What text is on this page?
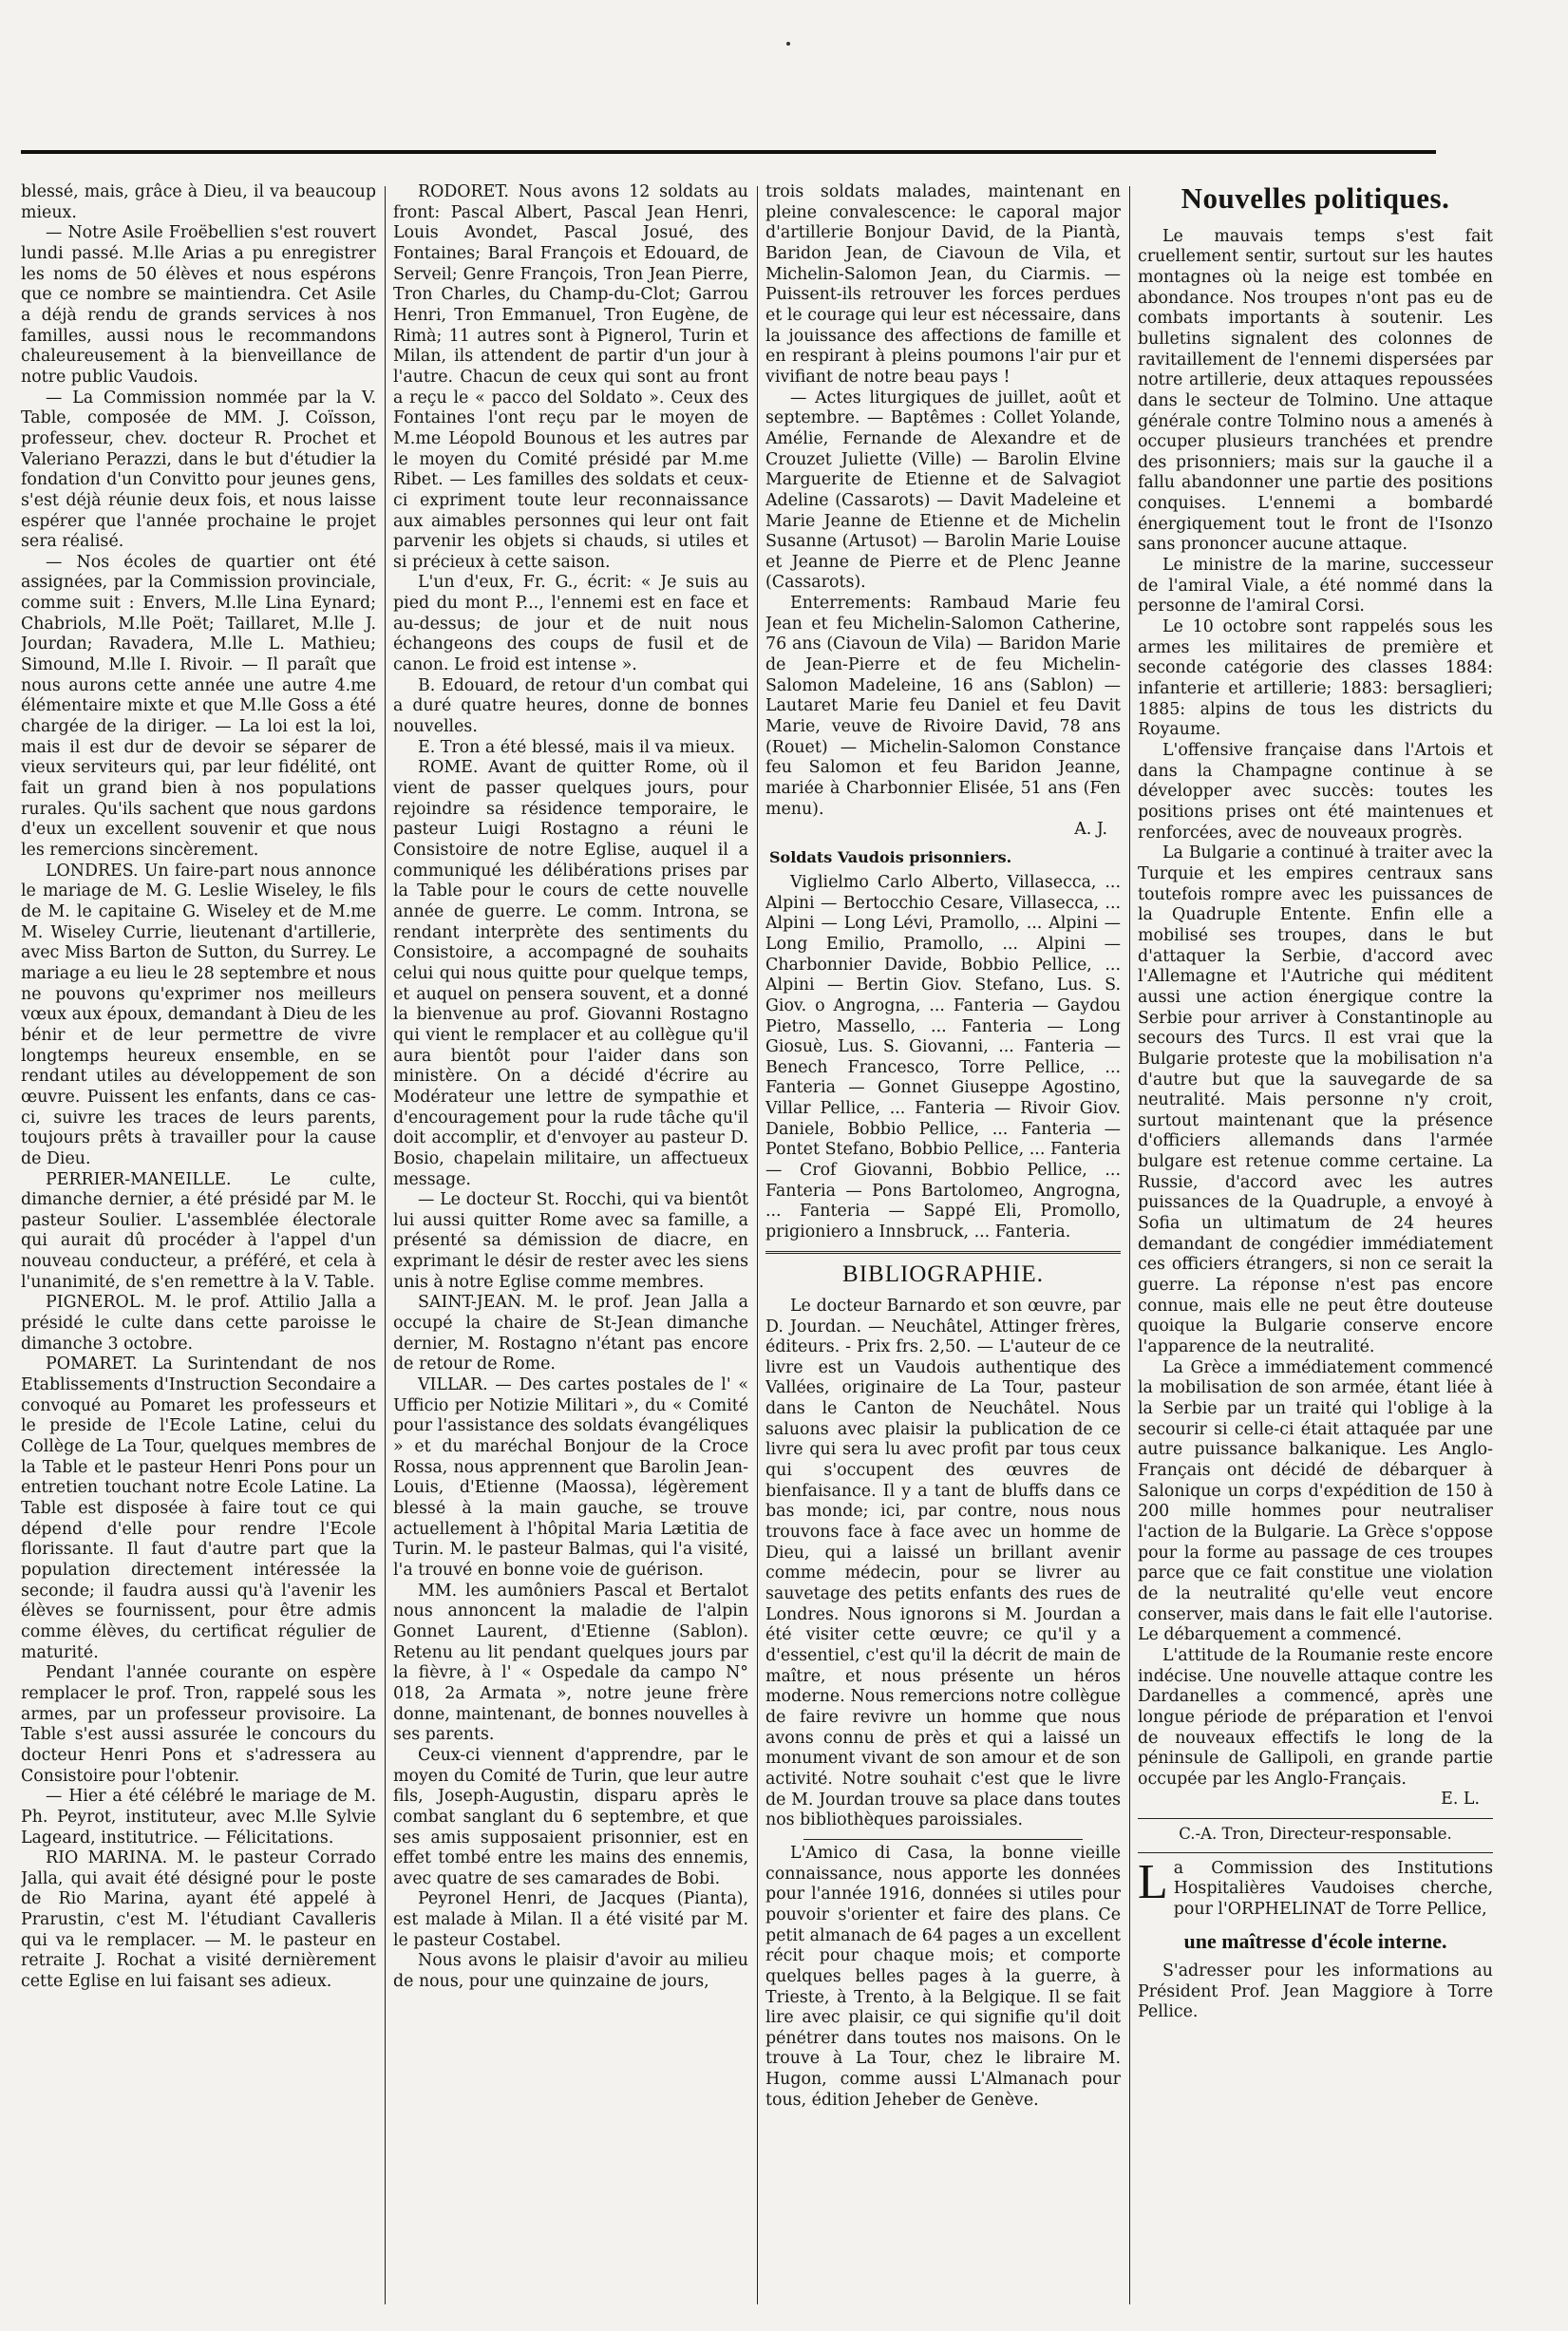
blessé, mais, grâce à Dieu, il va beaucoup mieux.

— Notre Asile Froëbellien s'est rouvert lundi passé. M.lle Arias a pu enregistrer les noms de 50 élèves et nous espérons que ce nombre se maintiendra. Cet Asile a déjà rendu de grands services à nos familles, aussi nous le recommandons chaleureusement à la bienveillance de notre public Vaudois.

— La Commission nommée par la V. Table, composée de MM. J. Coïsson, professeur, chev. docteur R. Prochet et Valeriano Perazzi, dans le but d'étudier la fondation d'un Convitto pour jeunes gens, s'est déjà réunie deux fois, et nous laisse espérer que l'année prochaine le projet sera réalisé.

— Nos écoles de quartier ont été assignées, par la Commission provinciale, comme suit : Envers, M.lle Lina Eynard; Chabriols, M.lle Poët; Taillaret, M.lle J. Jourdan; Ravadera, M.lle L. Mathieu; Simound, M.lle I. Rivoir. — Il paraît que nous aurons cette année une autre 4.me élémentaire mixte et que M.lle Goss a été chargée de la diriger. — La loi est la loi, mais il est dur de devoir se séparer de vieux serviteurs qui, par leur fidélité, ont fait un grand bien à nos populations rurales. Qu'ils sachent que nous gardons d'eux un excellent souvenir et que nous les remercions sincèrement.

LONDRES. Un faire-part nous annonce le mariage de M. G. Leslie Wiseley, le fils de M. le capitaine G. Wiseley et de M.me M. Wiseley Currie, lieutenant d'artillerie, avec Miss Barton de Sutton, du Surrey. Le mariage a eu lieu le 28 septembre et nous ne pouvons qu'exprimer nos meilleurs vœux aux époux, demandant à Dieu de les bénir et de leur permettre de vivre longtemps heureux ensemble, en se rendant utiles au développement de son œuvre. Puissent les enfants, dans ce cas-ci, suivre les traces de leurs parents, toujours prêts à travailler pour la cause de Dieu.

PERRIER-MANEILLE. Le culte, dimanche dernier, a été présidé par M. le pasteur Soulier. L'assemblée électorale qui aurait dû procéder à l'appel d'un nouveau conducteur, a préféré, et cela à l'unanimité, de s'en remettre à la V. Table.

PIGNEROL. M. le prof. Attilio Jalla a présidé le culte dans cette paroisse le dimanche 3 octobre.

POMARET. La Surintendant de nos Etablissements d'Instruction Secondaire a convoqué au Pomaret les professeurs et le preside de l'Ecole Latine, celui du Collège de La Tour, quelques membres de la Table et le pasteur Henri Pons pour un entretien touchant notre Ecole Latine. La Table est disposée à faire tout ce qui dépend d'elle pour rendre l'Ecole florissante. Il faut d'autre part que la population directement intéressée la seconde; il faudra aussi qu'à l'avenir les élèves se fournissent, pour être admis comme élèves, du certificat régulier de maturité.

Pendant l'année courante on espère remplacer le prof. Tron, rappelé sous les armes, par un professeur provisoire. La Table s'est aussi assurée le concours du docteur Henri Pons et s'adressera au Consistoire pour l'obtenir.

— Hier a été célébré le mariage de M. Ph. Peyrot, instituteur, avec M.lle Sylvie Lageard, institutrice. — Félicitations.

RIO MARINA. M. le pasteur Corrado Jalla, qui avait été désigné pour le poste de Rio Marina, ayant été appelé à Prarustin, c'est M. l'étudiant Cavalleris qui va le remplacer. — M. le pasteur en retraite J. Rochat a visité dernièrement cette Eglise en lui faisant ses adieux.

RODORET. Nous avons 12 soldats au front: Pascal Albert, Pascal Jean Henri, Louis Avondet, Pascal Josué, des Fontaines; Baral François et Edouard, de Serveil; Genre François, Tron Jean Pierre, Tron Charles, du Champ-du-Clot; Garrou Henri, Tron Emmanuel, Tron Eugène, de Rimà; 11 autres sont à Pignerol, Turin et Milan, ils attendent de partir d'un jour à l'autre. Chacun de ceux qui sont au front a reçu le « pacco del Soldato ». Ceux des Fontaines l'ont reçu par le moyen de M.me Léopold Bounous et les autres par le moyen du Comité présidé par M.me Ribet. — Les familles des soldats et ceux-ci expriment toute leur reconnaissance aux aimables personnes qui leur ont fait parvenir les objets si chauds, si utiles et si précieux à cette saison.

L'un d'eux, Fr. G., écrit: « Je suis au pied du mont P..., l'ennemi est en face et au-dessus; de jour et de nuit nous échangeons des coups de fusil et de canon. Le froid est intense ».

B. Edouard, de retour d'un combat qui a duré quatre heures, donne de bonnes nouvelles.

E. Tron a été blessé, mais il va mieux.

ROME. Avant de quitter Rome, où il vient de passer quelques jours, pour rejoindre sa résidence temporaire, le pasteur Luigi Rostagno a réuni le Consistoire de notre Eglise, auquel il a communiqué les délibérations prises par la Table pour le cours de cette nouvelle année de guerre. Le comm. Introna, se rendant interprète des sentiments du Consistoire, a accompagné de souhaits celui qui nous quitte pour quelque temps, et auquel on pensera souvent, et a donné la bienvenue au prof. Giovanni Rostagno qui vient le remplacer et au collègue qu'il aura bientôt pour l'aider dans son ministère. On a décidé d'écrire au Modérateur une lettre de sympathie et d'encouragement pour la rude tâche qu'il doit accomplir, et d'envoyer au pasteur D. Bosio, chapelain militaire, un affectueux message.

— Le docteur St. Rocchi, qui va bientôt lui aussi quitter Rome avec sa famille, a présenté sa démission de diacre, en exprimant le désir de rester avec les siens unis à notre Eglise comme membres.

SAINT-JEAN. M. le prof. Jean Jalla a occupé la chaire de St-Jean dimanche dernier, M. Rostagno n'étant pas encore de retour de Rome.

VILLAR. — Des cartes postales de l' « Ufficio per Notizie Militari », du « Comité pour l'assistance des soldats évangéliques » et du maréchal Bonjour de la Croce Rossa, nous apprennent que Barolin Jean-Louis, d'Etienne (Maossa), légèrement blessé à la main gauche, se trouve actuellement à l'hôpital Maria Lætitia de Turin. M. le pasteur Balmas, qui l'a visité, l'a trouvé en bonne voie de guérison.

MM. les aumôniers Pascal et Bertalot nous annoncent la maladie de l'alpin Gonnet Laurent, d'Etienne (Sablon). Retenu au lit pendant quelques jours par la fièvre, à l' « Ospedale da campo N° 018, 2a Armata », notre jeune frère donne, maintenant, de bonnes nouvelles à ses parents.

Ceux-ci viennent d'apprendre, par le moyen du Comité de Turin, que leur autre fils, Joseph-Augustin, disparu après le combat sanglant du 6 septembre, et que ses amis supposaient prisonnier, est en effet tombé entre les mains des ennemis, avec quatre de ses camarades de Bobi.

Peyronel Henri, de Jacques (Pianta), est malade à Milan. Il a été visité par M. le pasteur Costabel.

Nous avons le plaisir d'avoir au milieu de nous, pour une quinzaine de jours,

trois soldats malades, maintenant en pleine convalescence: le caporal major d'artillerie Bonjour David, de la Piantà, Baridon Jean, de Ciavoun de Vila, et Michelin-Salomon Jean, du Ciarmis. — Puissent-ils retrouver les forces perdues et le courage qui leur est nécessaire, dans la jouissance des affections de famille et en respirant à pleins poumons l'air pur et vivifiant de notre beau pays !

— Actes liturgiques de juillet, août et septembre. — Baptêmes : Collet Yolande, Amélie, Fernande de Alexandre et de Crouzet Juliette (Ville) — Barolin Elvine Marguerite de Etienne et de Salvagiot Adeline (Cassarots) — Davit Madeleine et Marie Jeanne de Etienne et de Michelin Susanne (Artusot) — Barolin Marie Louise et Jeanne de Pierre et de Plenc Jeanne (Cassarots).

Enterrements: Rambaud Marie feu Jean et feu Michelin-Salomon Catherine, 76 ans (Ciavoun de Vila) — Baridon Marie de Jean-Pierre et de feu Michelin-Salomon Madeleine, 16 ans (Sablon) — Lautaret Marie feu Daniel et feu Davit Marie, veuve de Rivoire David, 78 ans (Rouet) — Michelin-Salomon Constance feu Salomon et feu Baridon Jeanne, mariée à Charbonnier Elisée, 51 ans (Fen menu).

A. J.
Soldats Vaudois prisonniers.

Viglielmo Carlo Alberto, Villasecca, ... Alpini — Bertocchio Cesare, Villasecca, ... Alpini — Long Lévi, Pramollo, ... Alpini — Long Emilio, Pramollo, ... Alpini — Charbonnier Davide, Bobbio Pellice, ... Alpini — Bertin Giov. Stefano, Lus. S. Giov. o Angrogna, ... Fanteria — Gaydou Pietro, Massello, ... Fanteria — Long Giosuè, Lus. S. Giovanni, ... Fanteria — Benech Francesco, Torre Pellice, ... Fanteria — Gonnet Giuseppe Agostino, Villar Pellice, ... Fanteria — Rivoir Giov. Daniele, Bobbio Pellice, ... Fanteria — Pontet Stefano, Bobbio Pellice, ... Fanteria — Crof Giovanni, Bobbio Pellice, ... Fanteria — Pons Bartolomeo, Angrogna, ... Fanteria — Sappé Eli, Promollo, prigioniero a Innsbruck, ... Fanteria.

BIBLIOGRAPHIE.

Le docteur Barnardo et son œuvre, par D. Jourdan. — Neuchâtel, Attinger frères, éditeurs. - Prix frs. 2,50. — L'auteur de ce livre est un Vaudois authentique des Vallées, originaire de La Tour, pasteur dans le Canton de Neuchâtel. Nous saluons avec plaisir la publication de ce livre qui sera lu avec profit par tous ceux qui s'occupent des œuvres de bienfaisance. Il y a tant de bluffs dans ce bas monde; ici, par contre, nous nous trouvons face à face avec un homme de Dieu, qui a laissé un brillant avenir comme médecin, pour se livrer au sauvetage des petits enfants des rues de Londres. Nous ignorons si M. Jourdan a été visiter cette œuvre; ce qu'il y a d'essentiel, c'est qu'il la décrit de main de maître, et nous présente un héros moderne. Nous remercions notre collègue de faire revivre un homme que nous avons connu de près et qui a laissé un monument vivant de son amour et de son activité. Notre souhait c'est que le livre de M. Jourdan trouve sa place dans toutes nos bibliothèques paroissiales.

L'Amico di Casa, la bonne vieille connaissance, nous apporte les données pour l'année 1916, données si utiles pour pouvoir s'orienter et faire des plans. Ce petit almanach de 64 pages a un excellent récit pour chaque mois; et comporte quelques belles pages à la guerre, à Trieste, à Trento, à la Belgique. Il se fait lire avec plaisir, ce qui signifie qu'il doit pénétrer dans toutes nos maisons. On le trouve à La Tour, chez le libraire M. Hugon, comme aussi L'Almanach pour tous, édition Jeheber de Genève.

Nouvelles politiques.

Le mauvais temps s'est fait cruellement sentir, surtout sur les hautes montagnes où la neige est tombée en abondance. Nos troupes n'ont pas eu de combats importants à soutenir. Les bulletins signalent des colonnes de ravitaillement de l'ennemi dispersées par notre artillerie, deux attaques repoussées dans le secteur de Tolmino. Une attaque générale contre Tolmino nous a amenés à occuper plusieurs tranchées et prendre des prisonniers; mais sur la gauche il a fallu abandonner une partie des positions conquises. L'ennemi a bombardé énergiquement tout le front de l'Isonzo sans prononcer aucune attaque.

Le ministre de la marine, successeur de l'amiral Viale, a été nommé dans la personne de l'amiral Corsi.

Le 10 octobre sont rappelés sous les armes les militaires de première et seconde catégorie des classes 1884: infanterie et artillerie; 1883: bersaglieri; 1885: alpins de tous les districts du Royaume.

L'offensive française dans l'Artois et dans la Champagne continue à se développer avec succès: toutes les positions prises ont été maintenues et renforcées, avec de nouveaux progrès.

La Bulgarie a continué à traiter avec la Turquie et les empires centraux sans toutefois rompre avec les puissances de la Quadruple Entente. Enfin elle a mobilisé ses troupes, dans le but d'attaquer la Serbie, d'accord avec l'Allemagne et l'Autriche qui méditent aussi une action énergique contre la Serbie pour arriver à Constantinople au secours des Turcs. Il est vrai que la Bulgarie proteste que la mobilisation n'a d'autre but que la sauvegarde de sa neutralité. Mais personne n'y croit, surtout maintenant que la présence d'officiers allemands dans l'armée bulgare est retenue comme certaine. La Russie, d'accord avec les autres puissances de la Quadruple, a envoyé à Sofia un ultimatum de 24 heures demandant de congédier immédiatement ces officiers étrangers, si non ce serait la guerre. La réponse n'est pas encore connue, mais elle ne peut être douteuse quoique la Bulgarie conserve encore l'apparence de la neutralité.

La Grèce a immédiatement commencé la mobilisation de son armée, étant liée à la Serbie par un traité qui l'oblige à la secourir si celle-ci était attaquée par une autre puissance balkanique. Les Anglo-Français ont décidé de débarquer à Salonique un corps d'expédition de 150 à 200 mille hommes pour neutraliser l'action de la Bulgarie. La Grèce s'oppose pour la forme au passage de ces troupes parce que ce fait constitue une violation de la neutralité qu'elle veut encore conserver, mais dans le fait elle l'autorise. Le débarquement a commencé.

L'attitude de la Roumanie reste encore indécise. Une nouvelle attaque contre les Dardanelles a commencé, après une longue période de préparation et l'envoi de nouveaux effectifs le long de la péninsule de Gallipoli, en grande partie occupée par les Anglo-Français.

E. L.
C.-A. Tron, Directeur-responsable.
L a Commission des Institutions Hospitalières Vaudoises cherche, pour l'ORPHELINAT de Torre Pellice,
une maîtresse d'école interne.

S'adresser pour les informations au Président Prof. Jean Maggiore à Torre Pellice.
